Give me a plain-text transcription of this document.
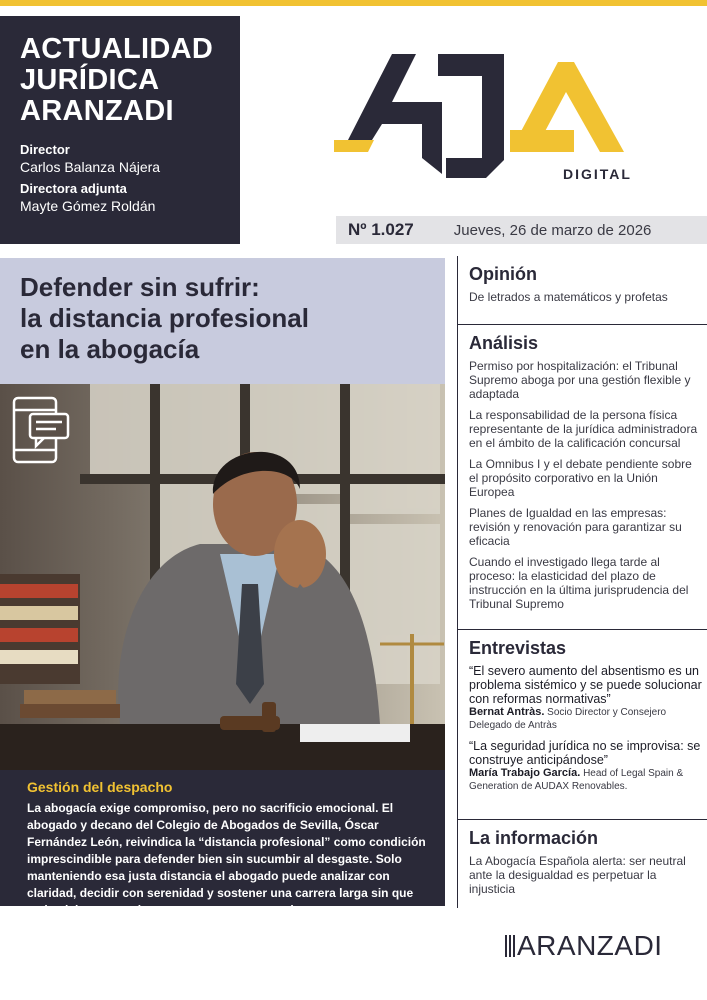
ACTUALIDAD
JURÍDICA
ARANZADI
Director
Carlos Balanza Nájera
Directora adjunta
Mayte Gómez Roldán
DIGITAL
Nº 1.027	Jueves, 26 de marzo de 2026
Defender sin sufrir:
la distancia profesional
en la abogacía
Gestión del despacho
La abogacía exige compromiso, pero no sacrificio emocional. El abogado y decano del Colegio de Abogados de Sevilla, Óscar Fernández León, reivindica la “distancia profesional” como condición imprescindible para defender bien sin sucumbir al desgaste. Solo manteniendo esa justa distancia el abogado puede analizar con claridad, decidir con serenidad y sostener una carrera larga sin que cada pleito se convierta en una carga personal.
Opinión
De letrados a matemáticos y profetas
Análisis
Permiso por hospitalización: el Tribunal Supremo aboga por una gestión flexible y adaptada
La responsabilidad de la persona física representante de la jurídica administradora en el ámbito de la calificación concursal
La Omnibus I y el debate pendiente sobre el propósito corporativo en la Unión Europea
Planes de Igualdad en las empresas: revisión y renovación para garantizar su eficacia
Cuando el investigado llega tarde al proceso: la elasticidad del plazo de instrucción en la última jurisprudencia del Tribunal Supremo
Entrevistas
“El severo aumento del absentismo es un problema sistémico y se puede solucionar con reformas normativas”
Bernat Antràs. Socio Director y Consejero Delegado de Antràs
“La seguridad jurídica no se improvisa: se construye anticipándose”
María Trabajo García. Head of Legal Spain & Generation de AUDAX Renovables.
La información
La Abogacía Española alerta: ser neutral ante la desigualdad es perpetuar la injusticia
ARANZADI
